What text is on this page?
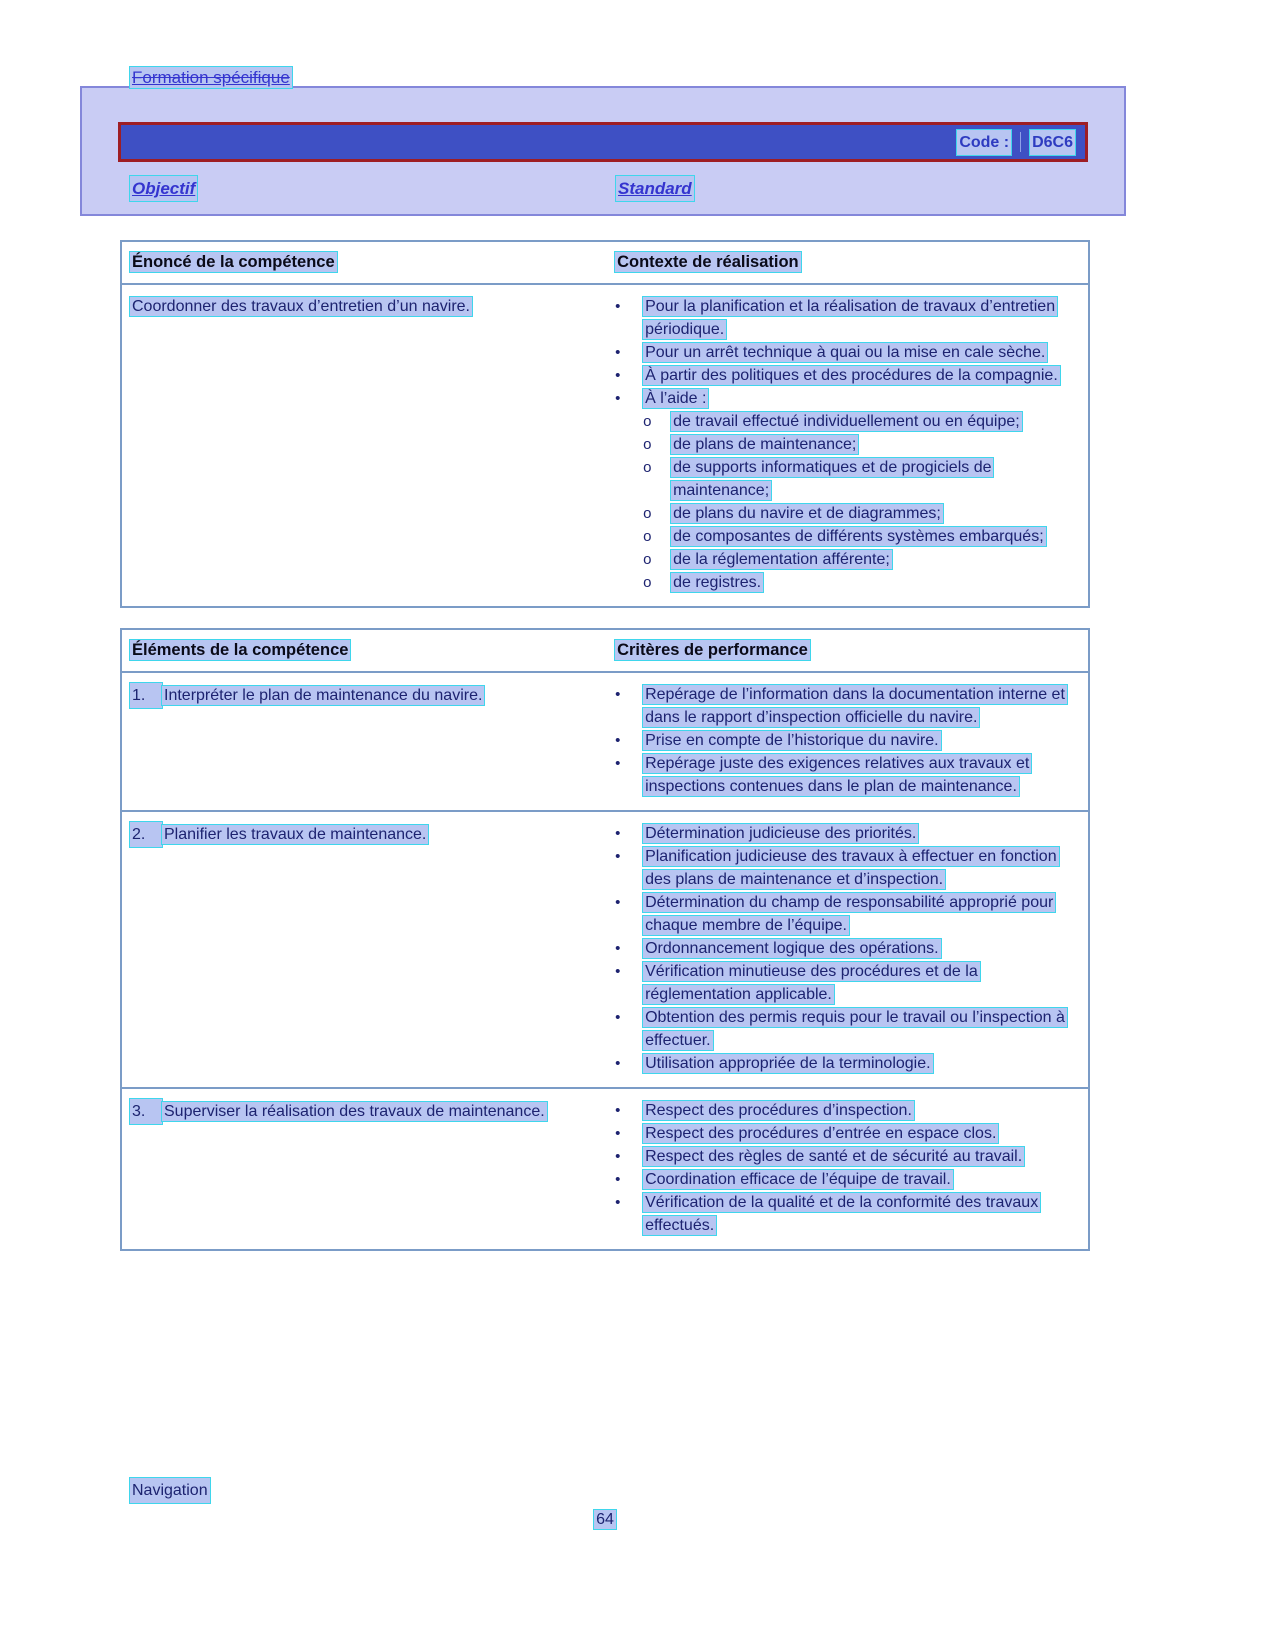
Formation spécifique
Code : D6C6
Objectif	Standard
Énoncé de la compétence	Contexte de réalisation

Coordonner des travaux d’entretien d’un navire.	• Pour la planification et la réalisation de travaux d’entretien périodique.
• Pour un arrêt technique à quai ou la mise en cale sèche.
• À partir des politiques et des procédures de la compagnie.
• À l’aide :
o de travail effectué individuellement ou en équipe;
o de plans de maintenance;
o de supports informatiques et de progiciels de maintenance;
o de plans du navire et de diagrammes;
o de composantes de différents systèmes embarqués;
o de la réglementation afférente;
o de registres.
Éléments de la compétence	Critères de performance

1. Interpréter le plan de maintenance du navire.	• Repérage de l’information dans la documentation interne et dans le rapport d’inspection officielle du navire.
• Prise en compte de l’historique du navire.
• Repérage juste des exigences relatives aux travaux et inspections contenues dans le plan de maintenance.

2. Planifier les travaux de maintenance.	• Détermination judicieuse des priorités.
• Planification judicieuse des travaux à effectuer en fonction des plans de maintenance et d’inspection.
• Détermination du champ de responsabilité approprié pour chaque membre de l’équipe.
• Ordonnancement logique des opérations.
• Vérification minutieuse des procédures et de la réglementation applicable.
• Obtention des permis requis pour le travail ou l’inspection à effectuer.
• Utilisation appropriée de la terminologie.

3. Superviser la réalisation des travaux de maintenance.	• Respect des procédures d’inspection.
• Respect des procédures d’entrée en espace clos.
• Respect des règles de santé et de sécurité au travail.
• Coordination efficace de l’équipe de travail.
• Vérification de la qualité et de la conformité des travaux effectués.
Navigation
64
